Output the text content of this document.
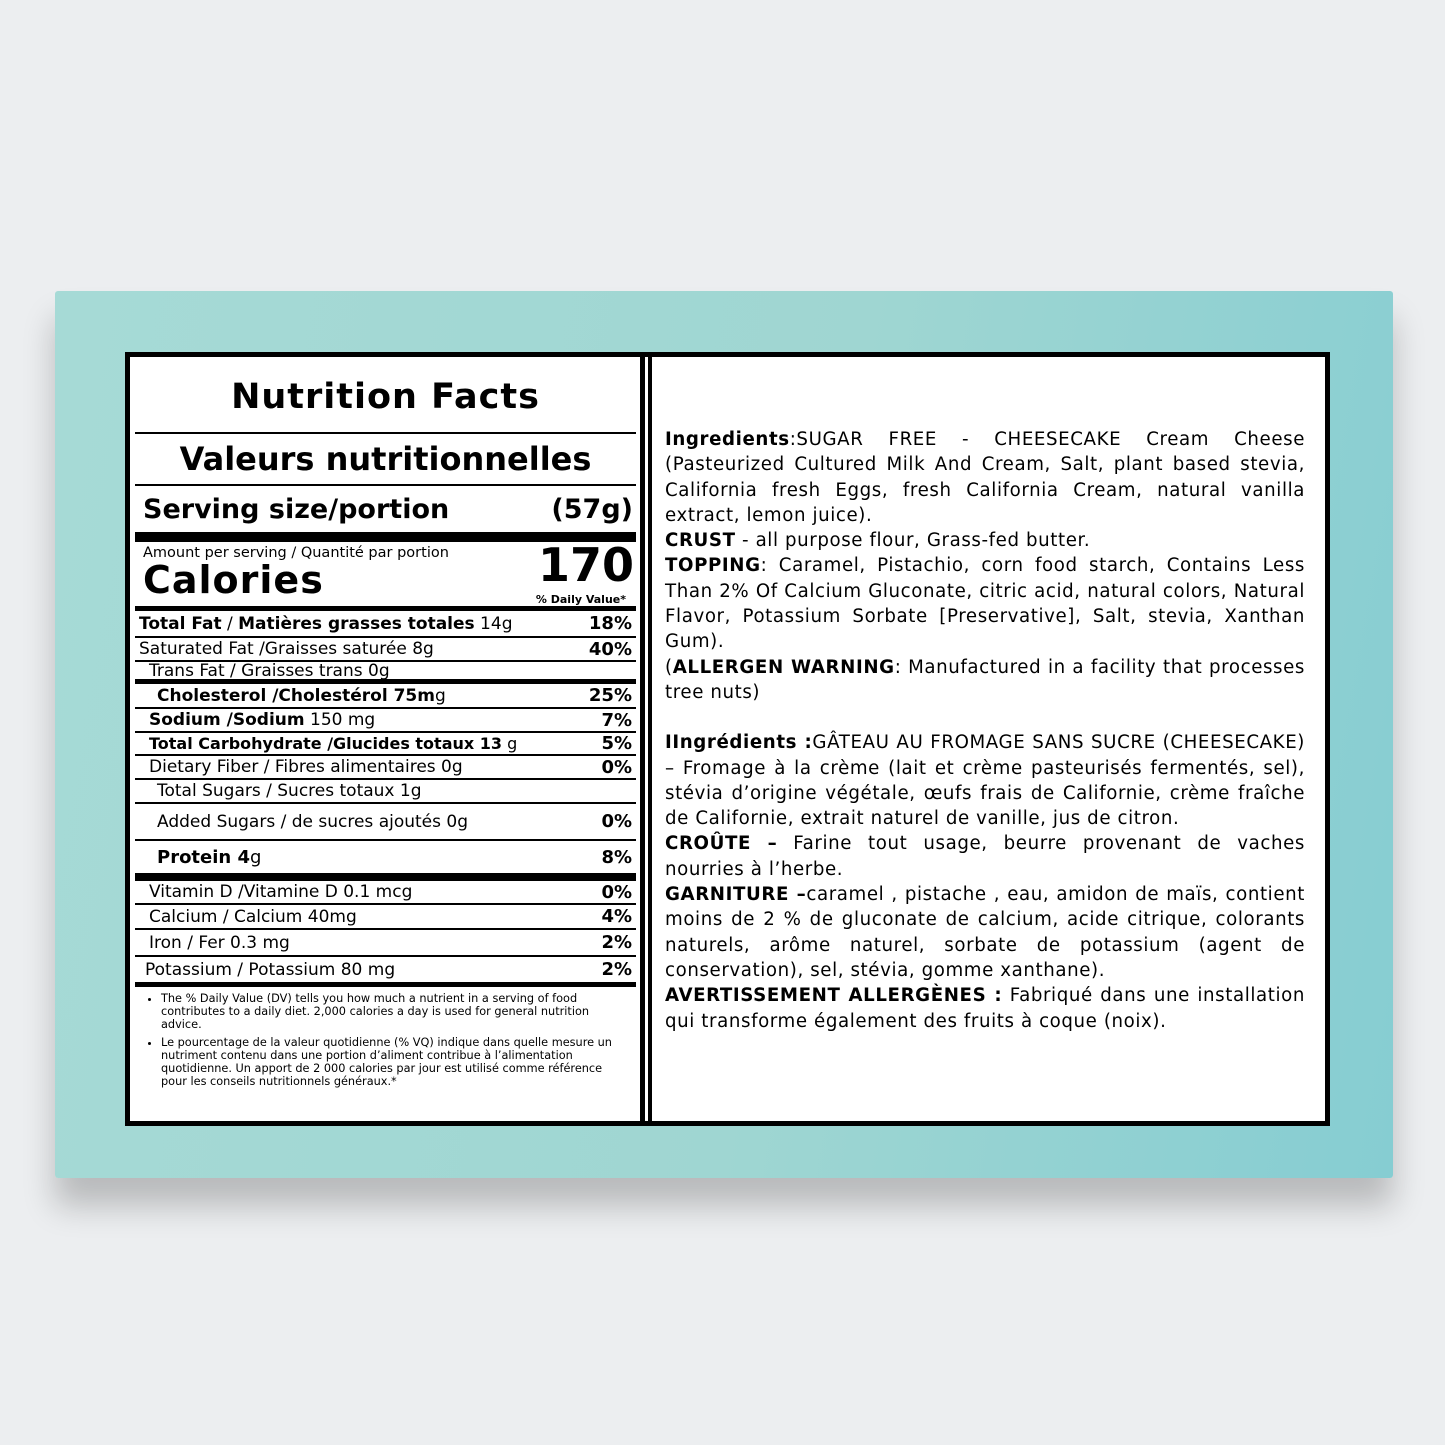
Nutrition Facts
Valeurs nutritionnelles
Serving size/portion	(57g)
Amount per serving / Quantité par portion
Calories	170
% Daily Value*
Total Fat / Matières grasses totales 14g	18%
Saturated Fat /Graisses saturée 8g	40%
Trans Fat / Graisses trans 0g
Cholesterol /Cholestérol 75mg	25%
Sodium /Sodium 150 mg	7%
Total Carbohydrate /Glucides totaux 13 g	5%
Dietary Fiber / Fibres alimentaires 0g	0%
Total Sugars / Sucres totaux 1g
Added Sugars / de sucres ajoutés 0g	0%
Protein 4g	8%
Vitamin D /Vitamine D 0.1 mcg	0%
Calcium / Calcium 40mg	4%
Iron / Fer 0.3 mg	2%
Potassium / Potassium 80 mg	2%
• The % Daily Value (DV) tells you how much a nutrient in a serving of food contributes to a daily diet. 2,000 calories a day is used for general nutrition advice.
• Le pourcentage de la valeur quotidienne (% VQ) indique dans quelle mesure un nutriment contenu dans une portion d’aliment contribue à l’alimentation quotidienne. Un apport de 2 000 calories par jour est utilisé comme référence pour les conseils nutritionnels généraux.*

Ingredients:SUGAR FREE - CHEESECAKE Cream Cheese (Pasteurized Cultured Milk And Cream, Salt, plant based stevia, California fresh Eggs, fresh California Cream, natural vanilla extract, lemon juice).

CRUST - all purpose flour, Grass-fed butter.

TOPPING: Caramel, Pistachio, corn food starch, Contains Less Than 2% Of Calcium Gluconate, citric acid, natural colors, Natural Flavor, Potassium Sorbate [Preservative], Salt, stevia, Xanthan Gum).

(ALLERGEN WARNING: Manufactured in a facility that processes tree nuts)

IIngrédients :GÂTEAU AU FROMAGE SANS SUCRE (CHEESECAKE) – Fromage à la crème (lait et crème pasteurisés fermentés, sel), stévia d’origine végétale, œufs frais de Californie, crème fraîche de Californie, extrait naturel de vanille, jus de citron.

CROÛTE – Farine tout usage, beurre provenant de vaches nourries à l’herbe.

GARNITURE –caramel , pistache , eau, amidon de maïs, contient moins de 2 % de gluconate de calcium, acide citrique, colorants naturels, arôme naturel, sorbate de potassium (agent de conservation), sel, stévia, gomme xanthane).

AVERTISSEMENT ALLERGÈNES : Fabriqué dans une installation qui transforme également des fruits à coque (noix).
